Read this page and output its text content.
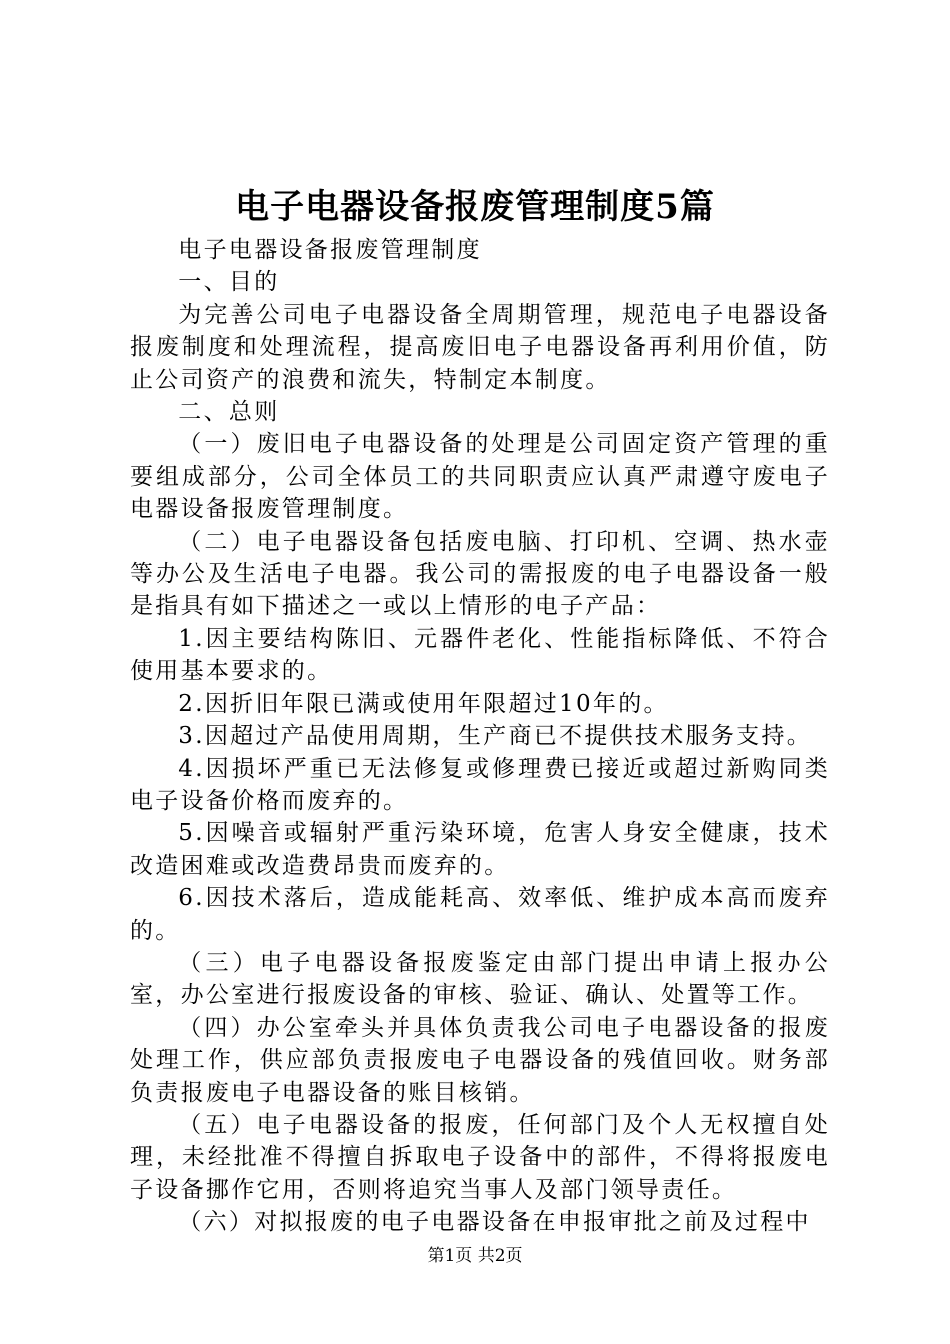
电子电器设备报废管理制度5篇

电子电器设备报废管理制度

一、目的

为完善公司电子电器设备全周期管理，规范电子电器设备报废制度和处理流程，提高废旧电子电器设备再利用价值，防止公司资产的浪费和流失，特制定本制度。

二、总则

（一）废旧电子电器设备的处理是公司固定资产管理的重要组成部分，公司全体员工的共同职责应认真严肃遵守废电子电器设备报废管理制度。

（二）电子电器设备包括废电脑、打印机、空调、热水壶等办公及生活电子电器。我公司的需报废的电子电器设备一般是指具有如下描述之一或以上情形的电子产品：

1.因主要结构陈旧、元器件老化、性能指标降低、不符合使用基本要求的。

2.因折旧年限已满或使用年限超过10年的。

3.因超过产品使用周期，生产商已不提供技术服务支持。

4.因损坏严重已无法修复或修理费已接近或超过新购同类电子设备价格而废弃的。

5.因噪音或辐射严重污染环境，危害人身安全健康，技术改造困难或改造费昂贵而废弃的。

6.因技术落后，造成能耗高、效率低、维护成本高而废弃的。

（三）电子电器设备报废鉴定由部门提出申请上报办公室，办公室进行报废设备的审核、验证、确认、处置等工作。

（四）办公室牵头并具体负责我公司电子电器设备的报废处理工作，供应部负责报废电子电器设备的残值回收。财务部负责报废电子电器设备的账目核销。

（五）电子电器设备的报废，任何部门及个人无权擅自处理，未经批准不得擅自拆取电子设备中的部件，不得将报废电子设备挪作它用，否则将追究当事人及部门领导责任。

（六）对拟报废的电子电器设备在申报审批之前及过程中

第1页 共2页
